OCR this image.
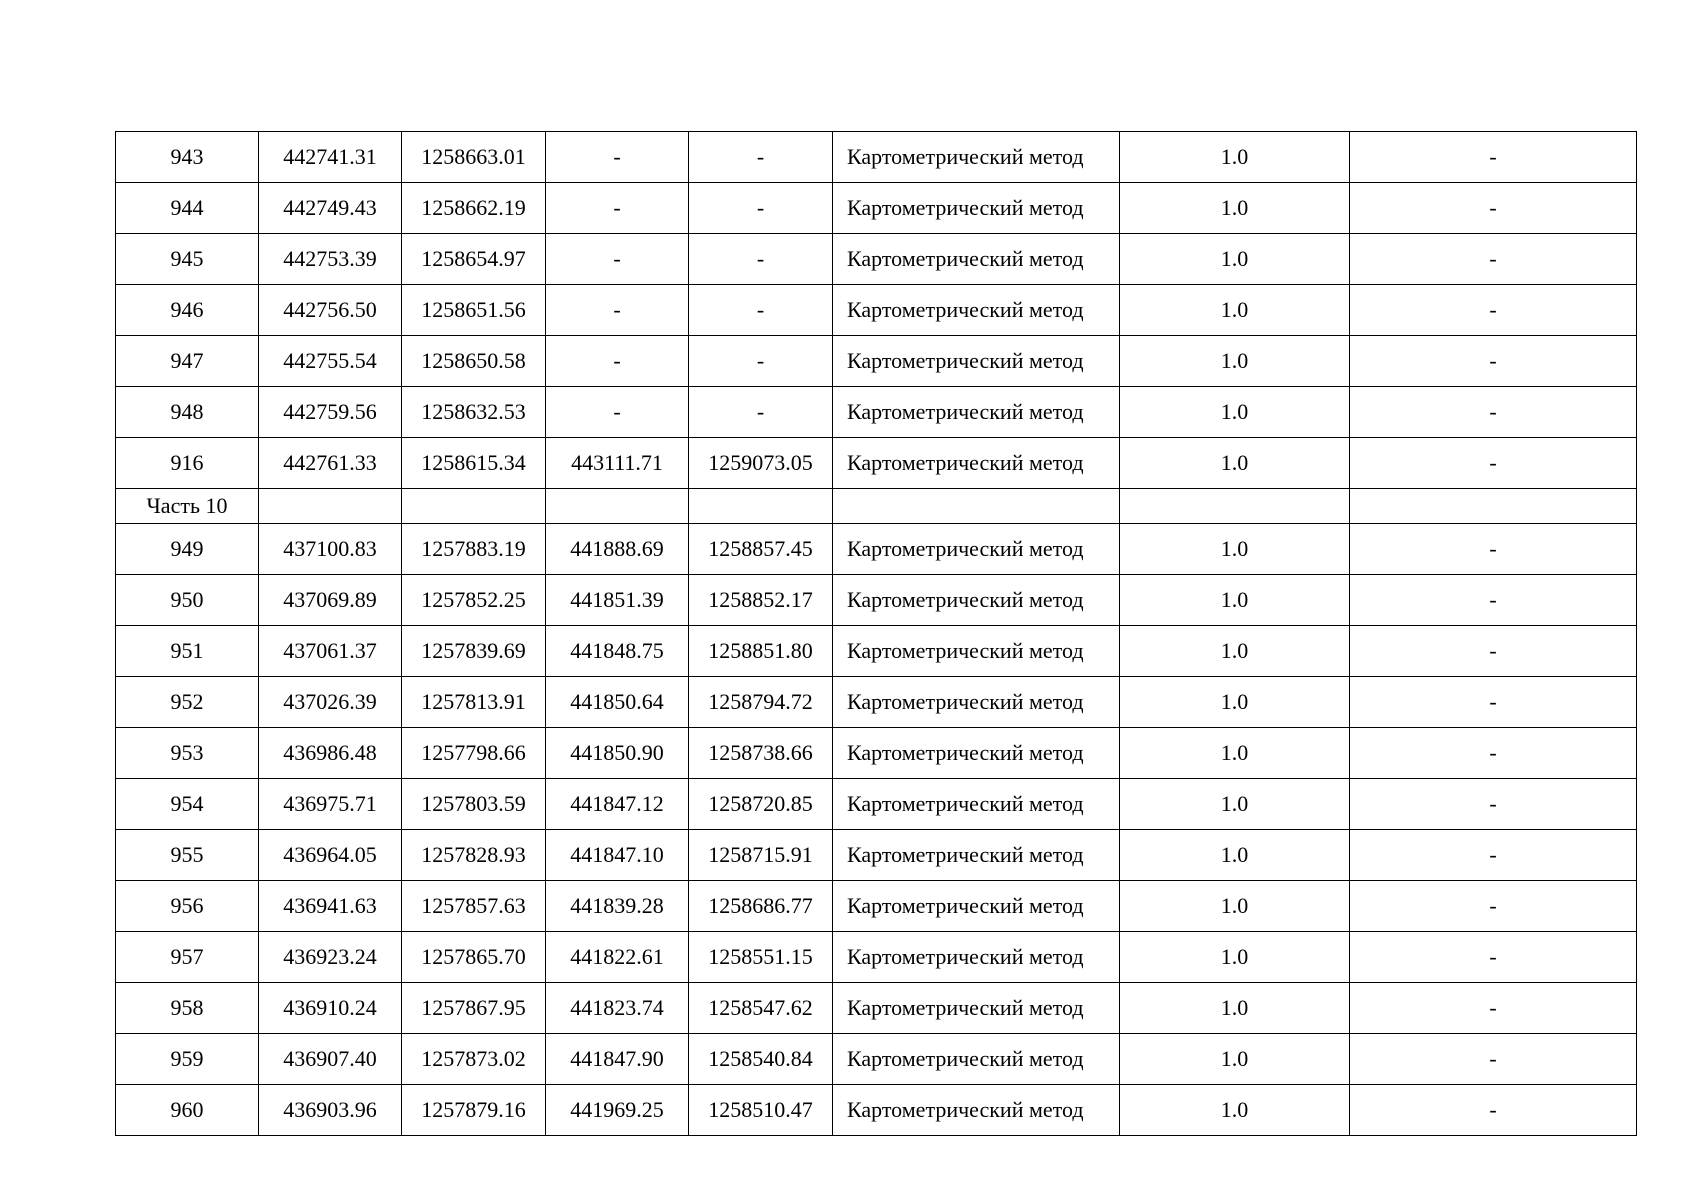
943	442741.31	1258663.01	-	-	Картометрический метод	1.0	-
944	442749.43	1258662.19	-	-	Картометрический метод	1.0	-
945	442753.39	1258654.97	-	-	Картометрический метод	1.0	-
946	442756.50	1258651.56	-	-	Картометрический метод	1.0	-
947	442755.54	1258650.58	-	-	Картометрический метод	1.0	-
948	442759.56	1258632.53	-	-	Картометрический метод	1.0	-
916	442761.33	1258615.34	443111.71	1259073.05	Картометрический метод	1.0	-
Часть 10							
949	437100.83	1257883.19	441888.69	1258857.45	Картометрический метод	1.0	-
950	437069.89	1257852.25	441851.39	1258852.17	Картометрический метод	1.0	-
951	437061.37	1257839.69	441848.75	1258851.80	Картометрический метод	1.0	-
952	437026.39	1257813.91	441850.64	1258794.72	Картометрический метод	1.0	-
953	436986.48	1257798.66	441850.90	1258738.66	Картометрический метод	1.0	-
954	436975.71	1257803.59	441847.12	1258720.85	Картометрический метод	1.0	-
955	436964.05	1257828.93	441847.10	1258715.91	Картометрический метод	1.0	-
956	436941.63	1257857.63	441839.28	1258686.77	Картометрический метод	1.0	-
957	436923.24	1257865.70	441822.61	1258551.15	Картометрический метод	1.0	-
958	436910.24	1257867.95	441823.74	1258547.62	Картометрический метод	1.0	-
959	436907.40	1257873.02	441847.90	1258540.84	Картометрический метод	1.0	-
960	436903.96	1257879.16	441969.25	1258510.47	Картометрический метод	1.0	-
